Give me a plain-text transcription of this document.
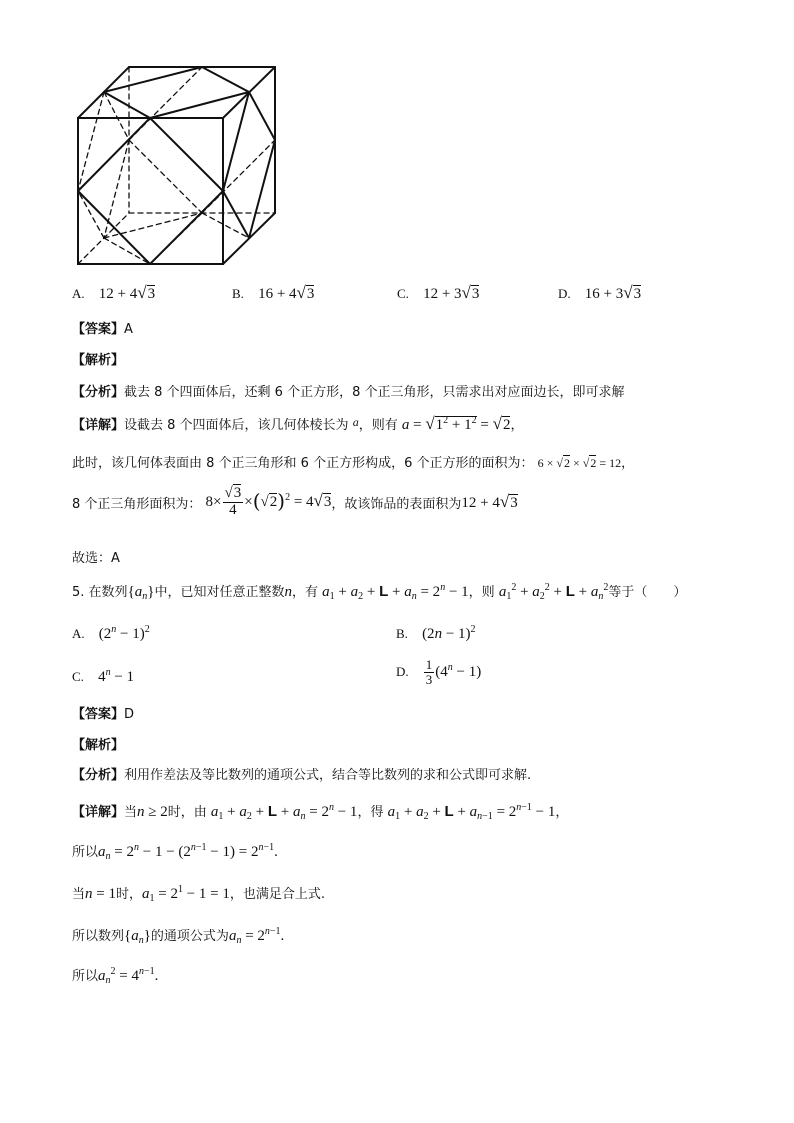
A. 12 + 4√3	B. 16 + 4√3	C. 12 + 3√3	D. 16 + 3√3
【答案】A
【解析】
【分析】截去 8 个四面体后，还剩 6 个正方形，8 个正三角形，只需求出对应面边长，即可求解
【详解】设截去 8 个四面体后，该几何体棱长为 a，则有 $a = √1^2 + 1^2 = √2$，
此时，该几何体表面由 8 个正三角形和 6 个正方形构成，6 个正方形的面积为： 6 × √2 × √2 = 12，
8 个正三角形面积为： $8\times \frac{√3}{4} \times(√2)^2 = 4√3$，故该饰品的表面积为12 + 4√3
故选：A
5. 在数列$\{a_n\}$中，已知对任意正整数n，有 $a_1 + a_2 + L + a_n = 2^n - 1$，则 $a_1^2 + a_2^2 + L + a_n^2$等于（　　）
A. $(2^n - 1)^2$	B. $(2n - 1)^2$
C. $4^n - 1$	D. $\frac{1}{3} (4^n - 1)$
【答案】D
【解析】
【分析】利用作差法及等比数列的通项公式，结合等比数列的求和公式即可求解.
【详解】当n ≥ 2时，由 $a_1 + a_2 + L + a_n = 2^n - 1$，得 $a_1 + a_2 + L + a_{n-1} = 2^{n-1} - 1$，
所以$a_n = 2^n - 1 - (2^{n-1} - 1) = 2^{n-1}$.
当n = 1时，$a_1 = 2^1 - 1 = 1$，也满足合上式.
所以数列$\{a_n\}$的通项公式为$a_n = 2^{n-1}$.
所以$a_n^2 = 4^{n-1}$.
